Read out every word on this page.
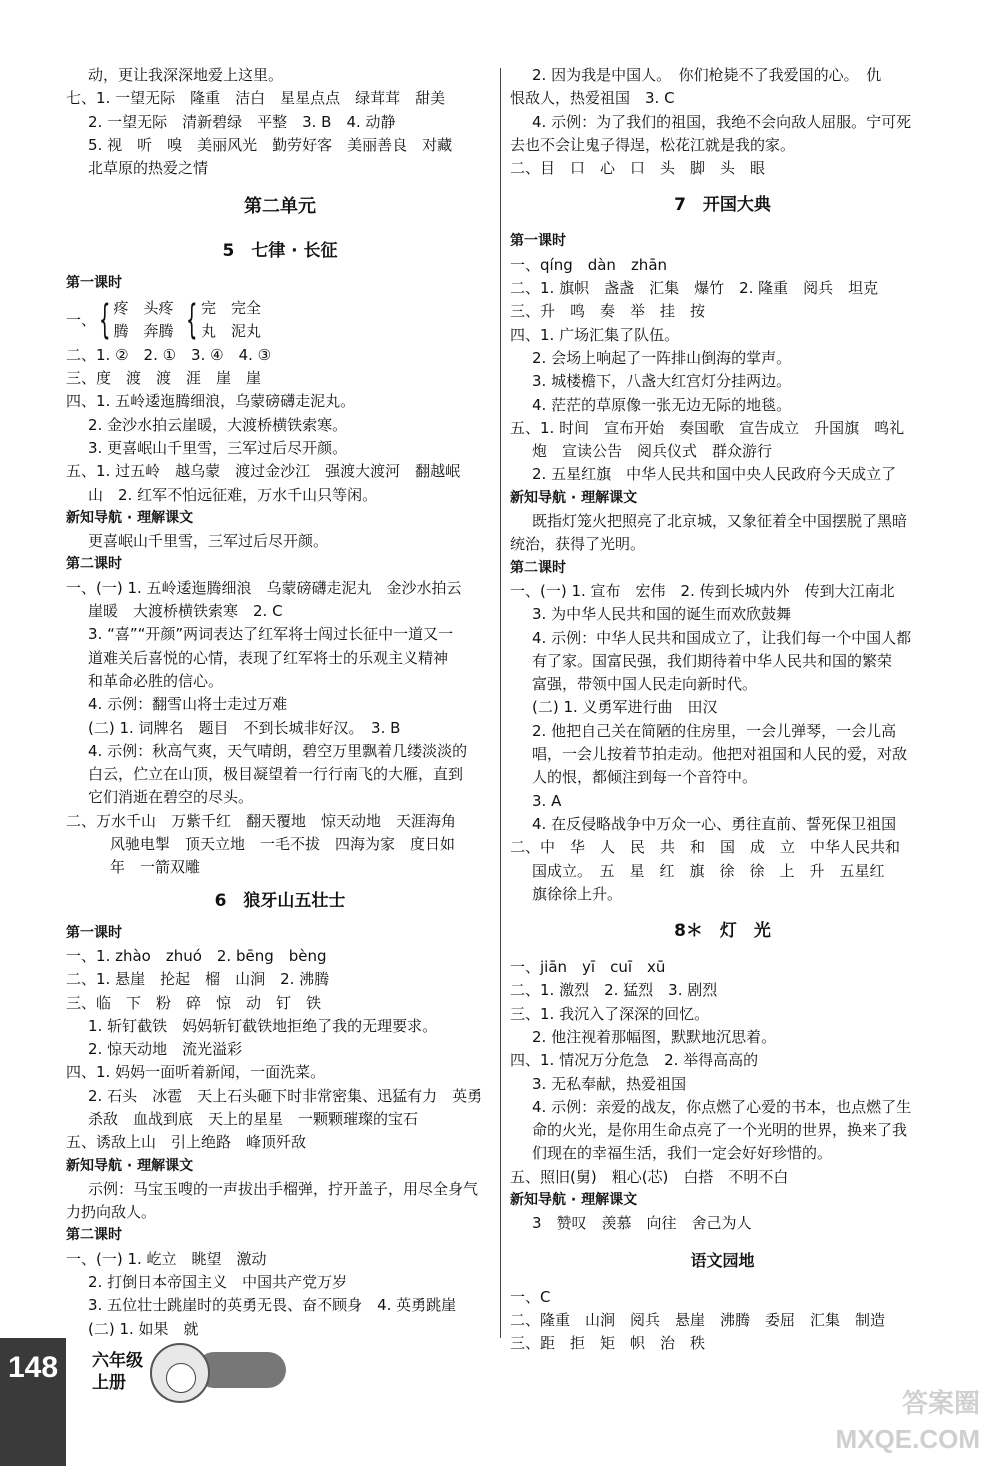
动，更让我深深地爱上这里。
七、1. 一望无际　隆重　洁白　星星点点　绿茸茸　甜美
2. 一望无际　清新碧绿　平整　3. B　4. 动静
5. 视　听　嗅　美丽风光　勤劳好客　美丽善良　对藏
北草原的热爱之情
第二单元
5　七律 · 长征
第一课时
一、 { 疼　头疼
腾　奔腾 { 完　完全
丸　泥丸
二、1. ②　2. ①　3. ④　4. ③
三、度　渡　渡　涯　崖　崖
四、1. 五岭逶迤腾细浪，乌蒙磅礴走泥丸。
2. 金沙水拍云崖暖，大渡桥横铁索寒。
3. 更喜岷山千里雪，三军过后尽开颜。
五、1. 过五岭　越乌蒙　渡过金沙江　强渡大渡河　翻越岷
山　2. 红军不怕远征难，万水千山只等闲。
新知导航 · 理解课文
更喜岷山千里雪，三军过后尽开颜。
第二课时
一、(一) 1. 五岭逶迤腾细浪　乌蒙磅礴走泥丸　金沙水拍云
崖暖　大渡桥横铁索寒　2. C
3. “喜”“开颜”两词表达了红军将士闯过长征中一道又一
道难关后喜悦的心情，表现了红军将士的乐观主义精神
和革命必胜的信心。
4. 示例：翻雪山将士走过万难
(二) 1. 词牌名　题目　不到长城非好汉。　3. B
4. 示例：秋高气爽，天气晴朗，碧空万里飘着几缕淡淡的
白云，伫立在山顶，极目凝望着一行行南飞的大雁，直到
它们消逝在碧空的尽头。
二、万水千山　万紫千红　翻天覆地　惊天动地　天涯海角
风驰电掣　顶天立地　一毛不拔　四海为家　度日如
年　一箭双雕
6　狼牙山五壮士
第一课时
一、1. zhào　zhuó　2. bēng　bèng
二、1. 悬崖　抡起　榴　山涧　2. 沸腾
三、临　下　粉　碎　惊　动　钉　铁
1. 斩钉截铁　妈妈斩钉截铁地拒绝了我的无理要求。
2. 惊天动地　流光溢彩
四、1. 妈妈一面听着新闻，一面洗菜。
2. 石头　冰雹　天上石头砸下时非常密集、迅猛有力　英勇
杀敌　血战到底　天上的星星　一颗颗璀璨的宝石
五、诱敌上山　引上绝路　峰顶歼敌
新知导航 · 理解课文
示例：马宝玉嗖的一声拔出手榴弹，拧开盖子，用尽全身气
力扔向敌人。
第二课时
一、(一) 1. 屹立　眺望　激动
2. 打倒日本帝国主义　中国共产党万岁
3. 五位壮士跳崖时的英勇无畏、奋不顾身　4. 英勇跳崖
(二) 1. 如果　就
2. 因为我是中国人。　你们枪毙不了我爱国的心。　仇
恨敌人，热爱祖国　3. C
4. 示例：为了我们的祖国，我绝不会向敌人屈服。宁可死
去也不会让鬼子得逞，松花江就是我的家。
二、目　口　心　口　头　脚　头　眼
7　开国大典
第一课时
一、qíng　dàn　zhān
二、1. 旗帜　盏盏　汇集　爆竹　2. 隆重　阅兵　坦克
三、升　鸣　奏　举　挂　按
四、1. 广场汇集了队伍。
2. 会场上响起了一阵排山倒海的掌声。
3. 城楼檐下，八盏大红宫灯分挂两边。
4. 茫茫的草原像一张无边无际的地毯。
五、1. 时间　宣布开始　奏国歌　宣告成立　升国旗　鸣礼
炮　宣读公告　阅兵仪式　群众游行
2. 五星红旗　中华人民共和国中央人民政府今天成立了
新知导航 · 理解课文
既指灯笼火把照亮了北京城，又象征着全中国摆脱了黑暗
统治，获得了光明。
第二课时
一、(一) 1. 宣布　宏伟　2. 传到长城内外　传到大江南北
3. 为中华人民共和国的诞生而欢欣鼓舞
4. 示例：中华人民共和国成立了，让我们每一个中国人都
有了家。国富民强，我们期待着中华人民共和国的繁荣
富强，带领中国人民走向新时代。
(二) 1. 义勇军进行曲　田汉
2. 他把自己关在简陋的住房里，一会儿弹琴，一会儿高
唱，一会儿按着节拍走动。他把对祖国和人民的爱，对敌
人的恨，都倾注到每一个音符中。
3. A
4. 在反侵略战争中万众一心、勇往直前、誓死保卫祖国
二、中　华　人　民　共　和　国　成　立　中华人民共和
国成立。　五　星　红　旗　徐　徐　上　升　五星红
旗徐徐上升。
8＊　灯　光
一、jiān　yī　cuī　xū
二、1. 激烈　2. 猛烈　3. 剧烈
三、1. 我沉入了深深的回忆。
2. 他注视着那幅图，默默地沉思着。
四、1. 情况万分危急　2. 举得高高的
3. 无私奉献，热爱祖国
4. 示例：亲爱的战友，你点燃了心爱的书本，也点燃了生
命的火光，是你用生命点亮了一个光明的世界，换来了我
们现在的幸福生活，我们一定会好好珍惜的。
五、照旧(舅)　粗心(芯)　白搭　不明不白
新知导航 · 理解课文
3　赞叹　羡慕　向往　舍己为人
语文园地
一、C
二、隆重　山涧　阅兵　悬崖　沸腾　委屈　汇集　制造
三、距　拒　矩　帜　治　秩
148	六年级
上册
答案圈
MXQE.COM
